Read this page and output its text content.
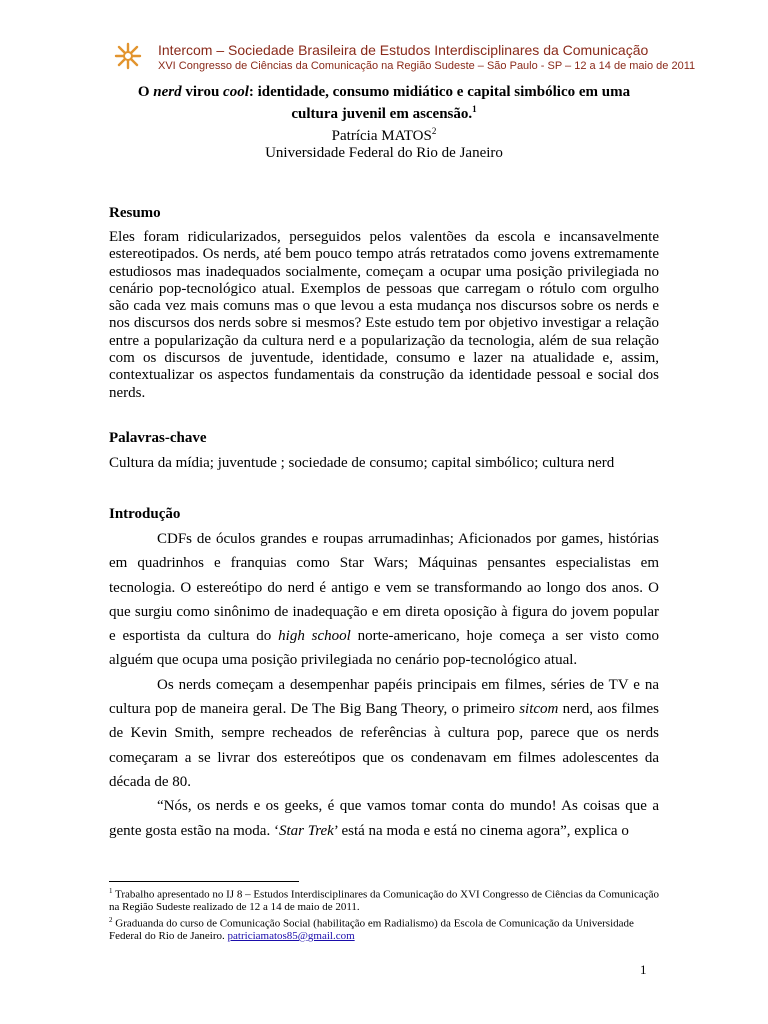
Intercom – Sociedade Brasileira de Estudos Interdisciplinares da Comunicação
XVI Congresso de Ciências da Comunicação na Região Sudeste – São Paulo - SP – 12 a 14 de maio de 2011
O nerd virou cool: identidade, consumo midiático e capital simbólico em uma
cultura juvenil em ascensão.$^1$
Patrícia MATOS$^2$
Universidade Federal do Rio de Janeiro
Resumo
Eles foram ridicularizados, perseguidos pelos valentões da escola e incansavelmente estereotipados. Os nerds, até bem pouco tempo atrás retratados como jovens extremamente estudiosos mas inadequados socialmente, começam a ocupar uma posição privilegiada no cenário pop-tecnológico atual. Exemplos de pessoas que carregam o rótulo com orgulho são cada vez mais comuns mas o que levou a esta mudança nos discursos sobre os nerds e nos discursos dos nerds sobre si mesmos? Este estudo tem por objetivo investigar a relação entre a popularização da cultura nerd e a popularização da tecnologia, além de sua relação com os discursos de juventude, identidade, consumo e lazer na atualidade e, assim, contextualizar os aspectos fundamentais da construção da identidade pessoal e social dos nerds.
Palavras-chave
Cultura da mídia; juventude ; sociedade de consumo; capital simbólico; cultura nerd
Introdução
CDFs de óculos grandes e roupas arrumadinhas; Aficionados por games, histórias em quadrinhos e franquias como Star Wars; Máquinas pensantes especialistas em tecnologia. O estereótipo do nerd é antigo e vem se transformando ao longo dos anos. O que surgiu como sinônimo de inadequação e em direta oposição à figura do jovem popular e esportista da cultura do high school norte-americano, hoje começa a ser visto como alguém que ocupa uma posição privilegiada no cenário pop-tecnológico atual.
Os nerds começam a desempenhar papéis principais em filmes, séries de TV e na cultura pop de maneira geral. De The Big Bang Theory, o primeiro sitcom nerd, aos filmes de Kevin Smith, sempre recheados de referências à cultura pop, parece que os nerds começaram a se livrar dos estereótipos que os condenavam em filmes adolescentes da década de 80.
“Nós, os nerds e os geeks, é que vamos tomar conta do mundo! As coisas que a gente gosta estão na moda. ‘Star Trek’ está na moda e está no cinema agora”, explica o
$^1$ Trabalho apresentado no IJ 8 – Estudos Interdisciplinares da Comunicação do XVI Congresso de Ciências da Comunicação na Região Sudeste realizado de 12 a 14 de maio de 2011.
$^2$ Graduanda do curso de Comunicação Social (habilitação em Radialismo) da Escola de Comunicação da Universidade Federal do Rio de Janeiro. patriciamatos85@gmail.com
1
